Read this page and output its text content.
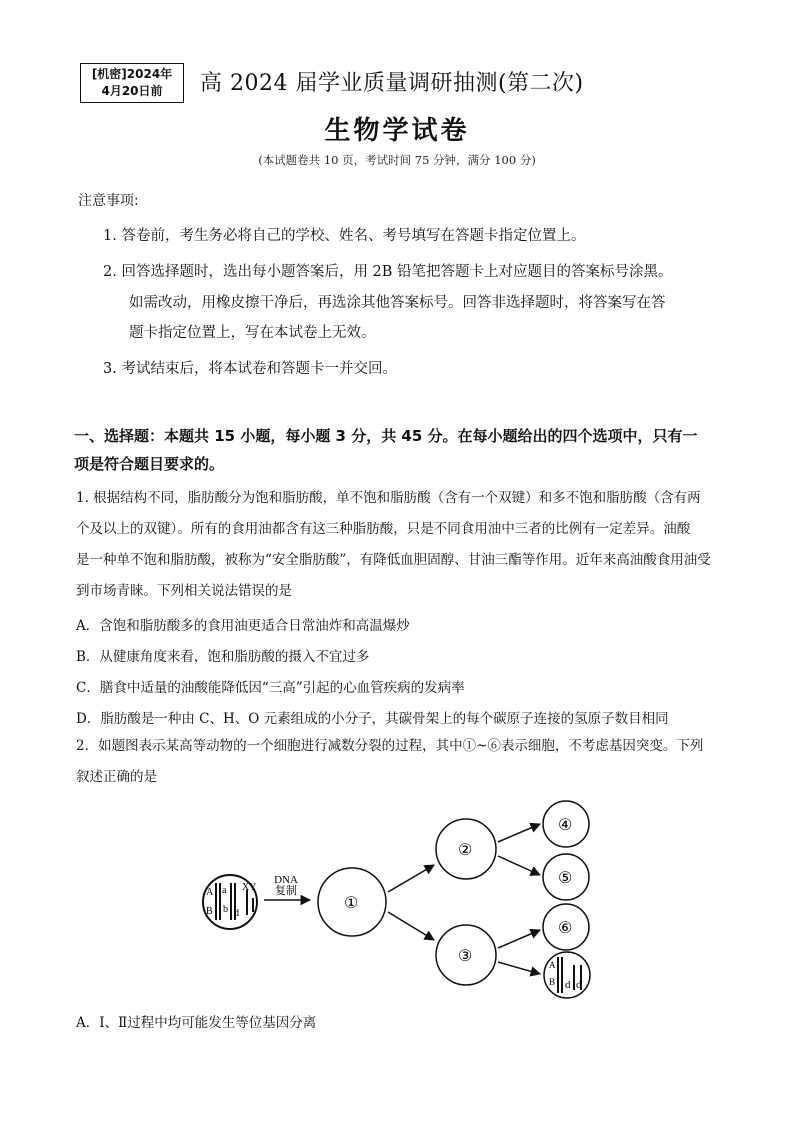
[机密]2024年
4月20日前	高 2024 届学业质量调研抽测(第二次)
生物学试卷
(本试题卷共 10 页，考试时间 75 分钟，满分 100 分)
注意事项:
1. 答卷前，考生务必将自己的学校、姓名、考号填写在答题卡指定位置上。
2. 回答选择题时，选出每小题答案后，用 2B 铅笔把答题卡上对应题目的答案标号涂黑。
如需改动，用橡皮擦干净后，再选涂其他答案标号。回答非选择题时，将答案写在答
题卡指定位置上，写在本试卷上无效。
3. 考试结束后，将本试卷和答题卡一并交回。
一、选择题：本题共 15 小题，每小题 3 分，共 45 分。在每小题给出的四个选项中，只有一
项是符合题目要求的。
1. 根据结构不同，脂肪酸分为饱和脂肪酸，单不饱和脂肪酸（含有一个双键）和多不饱和脂肪酸（含有两
个及以上的双键）。所有的食用油都含有这三种脂肪酸，只是不同食用油中三者的比例有一定差异。油酸
是一种单不饱和脂肪酸，被称为“安全脂肪酸”，有降低血胆固醇、甘油三酯等作用。近年来高油酸食用油受
到市场青睐。下列相关说法错误的是
A．含饱和脂肪酸多的食用油更适合日常油炸和高温爆炒
B．从健康角度来看，饱和脂肪酸的摄入不宜过多
C．膳食中适量的油酸能降低因“三高”引起的心血管疾病的发病率
D．脂肪酸是一种由 C、H、O 元素组成的小分子，其碳骨架上的每个碳原子连接的氢原子数目相同
2．如题图表示某高等动物的一个细胞进行减数分裂的过程，其中①~⑥表示细胞，不考虑基因突变。下列
叙述正确的是
A a
B b d
XY
DNA
复制
①
②
③
④
⑤
⑥
A
B d d
A．Ⅰ、Ⅱ过程中均可能发生等位基因分离
